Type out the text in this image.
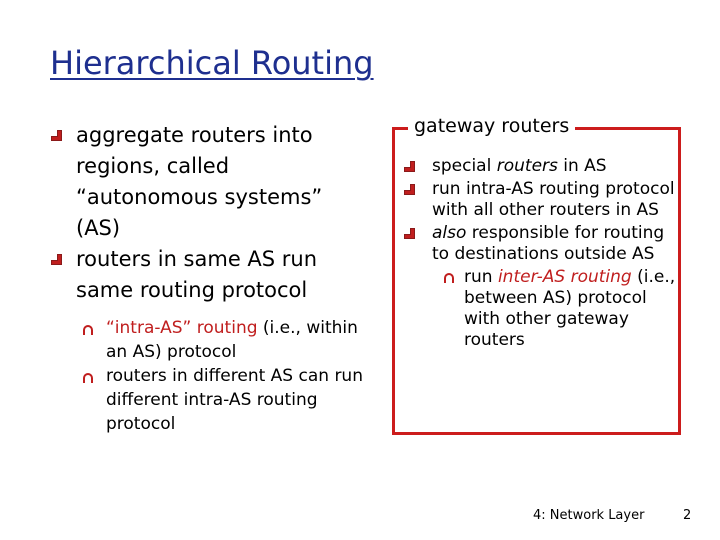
Hierarchical Routing
aggregate routers into regions, called “autonomous systems” (AS)
routers in same AS run same routing protocol
“intra-AS” routing (i.e., within an AS) protocol
routers in different AS can run different intra-AS routing protocol
gateway routers
special routers in AS
run intra-AS routing protocol with all other routers in AS
also responsible for routing to destinations outside AS
run inter-AS routing (i.e., between AS) protocol with other gateway routers
4: Network Layer	2
